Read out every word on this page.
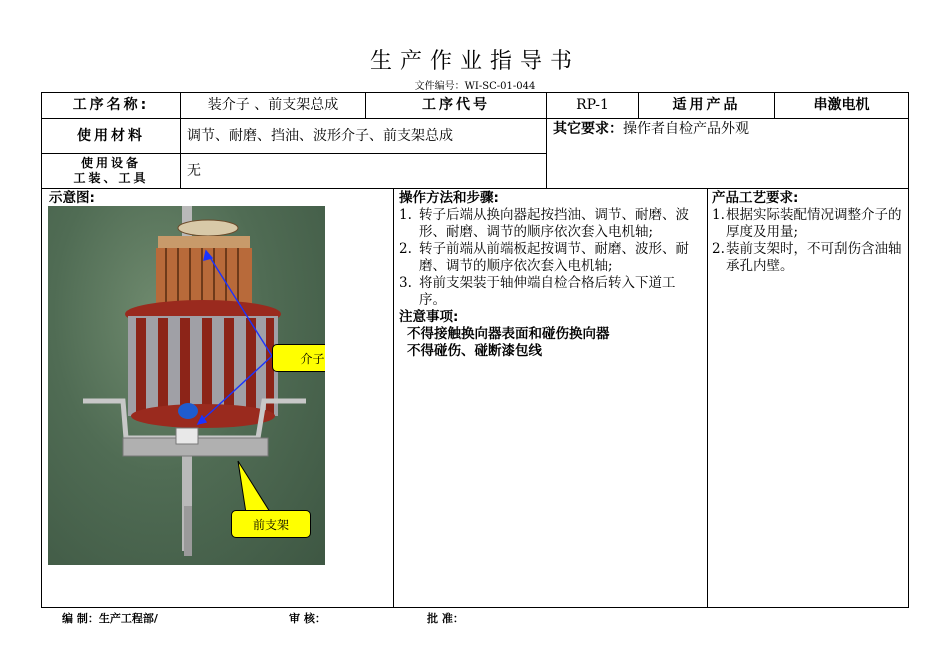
生产作业指导书
文件编号：WI-SC-01-044
工序名称:	装介子 、前支架总成	工序代号	RP-1	适用产品	串激电机
使用材料	调节、耐磨、挡油、波形介子、前支架总成
使用设备
工装、工具	无
其它要求：操作者自检产品外观
示意图:
介子
前支架
操作方法和步骤:
1. 转子后端从换向器起按挡油、调节、耐磨、波形、耐磨、调节的顺序依次套入电机轴;
2. 转子前端从前端板起按调节、耐磨、波形、耐磨、调节的顺序依次套入电机轴;
3. 将前支架装于轴伸端自检合格后转入下道工序。
注意事项:
不得接触换向器表面和碰伤换向器
不得碰伤、碰断漆包线
产品工艺要求:
1. 根据实际装配情况调整介子的厚度及用量;
2. 装前支架时，不可刮伤含油轴承孔内壁。
编 制：生产工程部/	审 核：	批 准：
